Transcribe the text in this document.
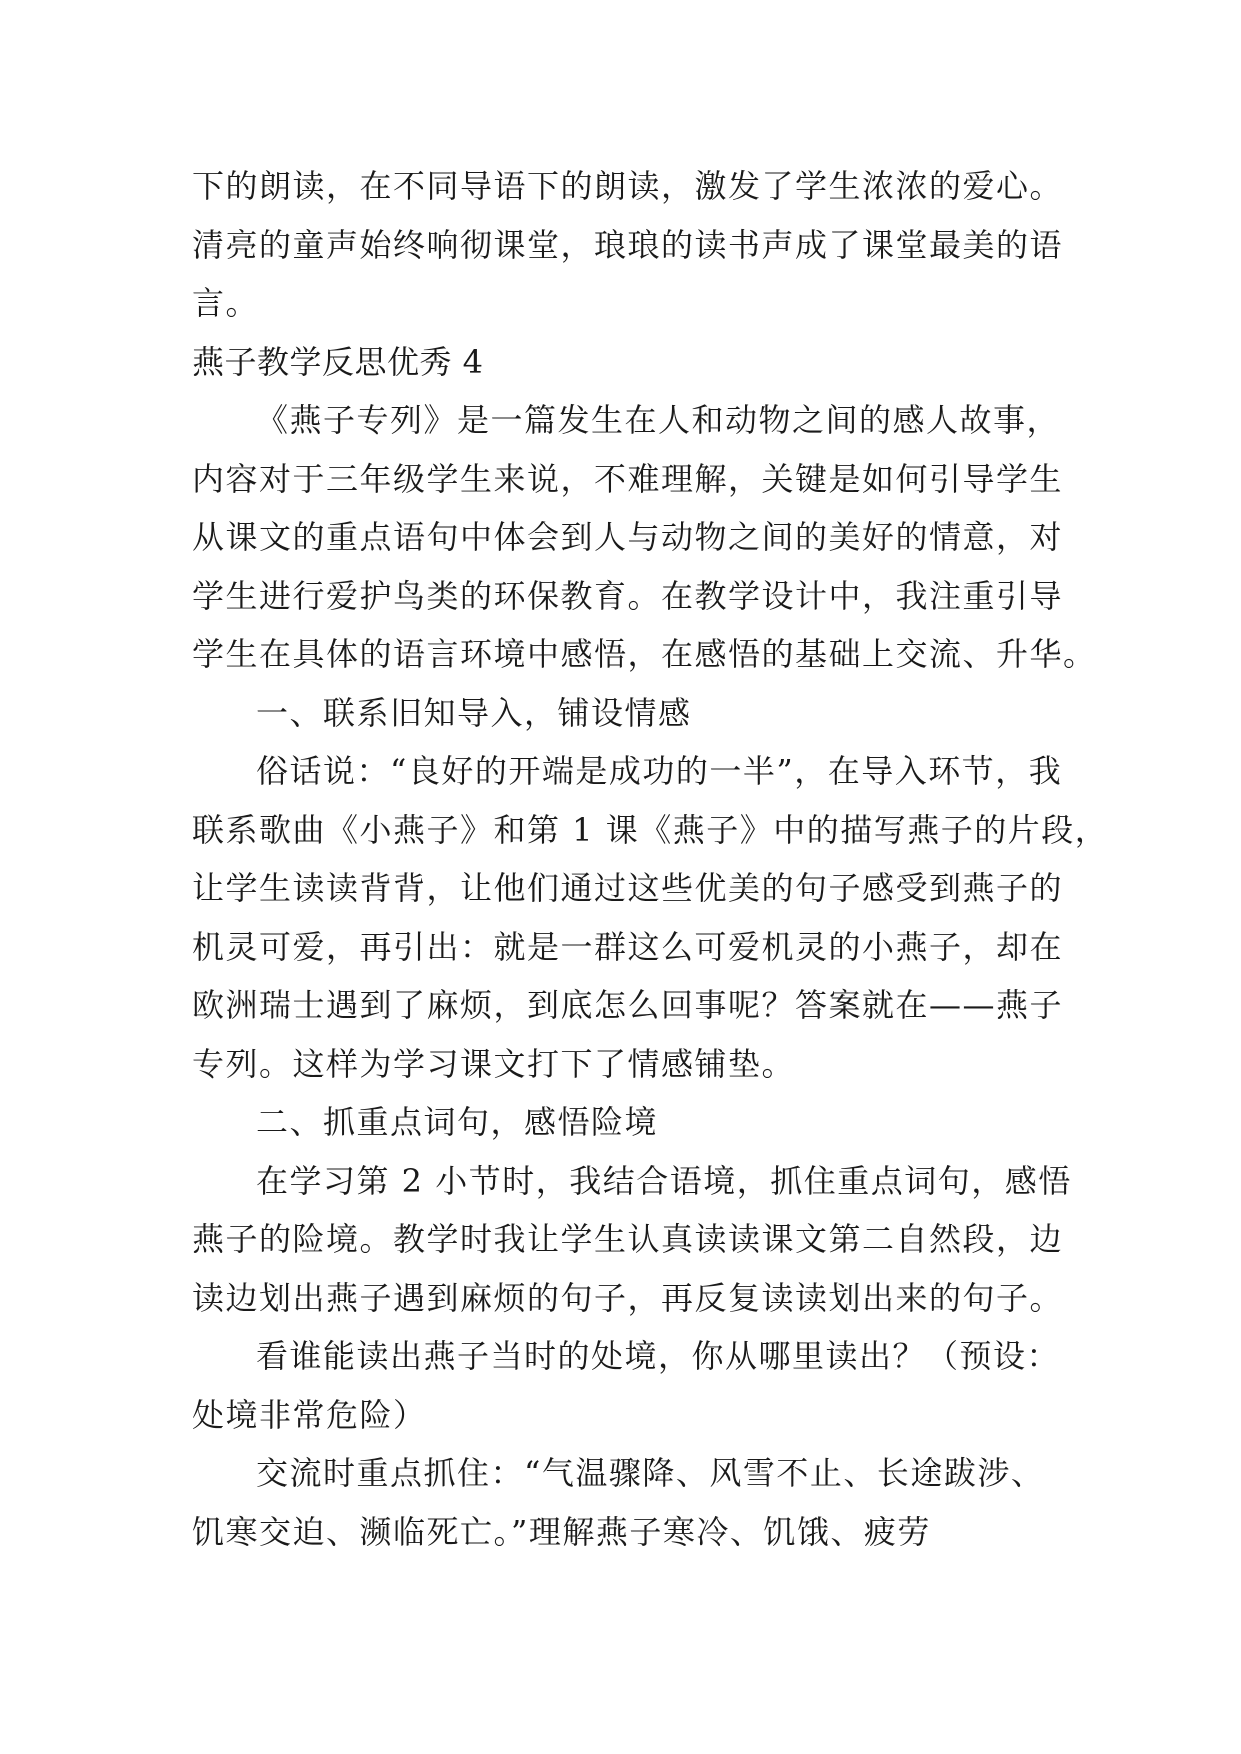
下的朗读，在不同导语下的朗读，激发了学生浓浓的爱心。
清亮的童声始终响彻课堂，琅琅的读书声成了课堂最美的语
言。
燕子教学反思优秀 4
《燕子专列》是一篇发生在人和动物之间的感人故事，
内容对于三年级学生来说，不难理解，关键是如何引导学生
从课文的重点语句中体会到人与动物之间的美好的情意，对
学生进行爱护鸟类的环保教育。在教学设计中，我注重引导
学生在具体的语言环境中感悟，在感悟的基础上交流、升华。
一、联系旧知导入，铺设情感
俗话说：“良好的开端是成功的一半”，在导入环节，我
联系歌曲《小燕子》和第 1 课《燕子》中的描写燕子的片段，
让学生读读背背，让他们通过这些优美的句子感受到燕子的
机灵可爱，再引出：就是一群这么可爱机灵的小燕子，却在
欧洲瑞士遇到了麻烦，到底怎么回事呢？答案就在——燕子
专列。这样为学习课文打下了情感铺垫。
二、抓重点词句，感悟险境
在学习第 2 小节时，我结合语境，抓住重点词句，感悟
燕子的险境。教学时我让学生认真读读课文第二自然段，边
读边划出燕子遇到麻烦的句子，再反复读读划出来的句子。
看谁能读出燕子当时的处境，你从哪里读出？（预设：
处境非常危险）
交流时重点抓住：“气温骤降、风雪不止、长途跋涉、
饥寒交迫、濒临死亡。”理解燕子寒冷、饥饿、疲劳
